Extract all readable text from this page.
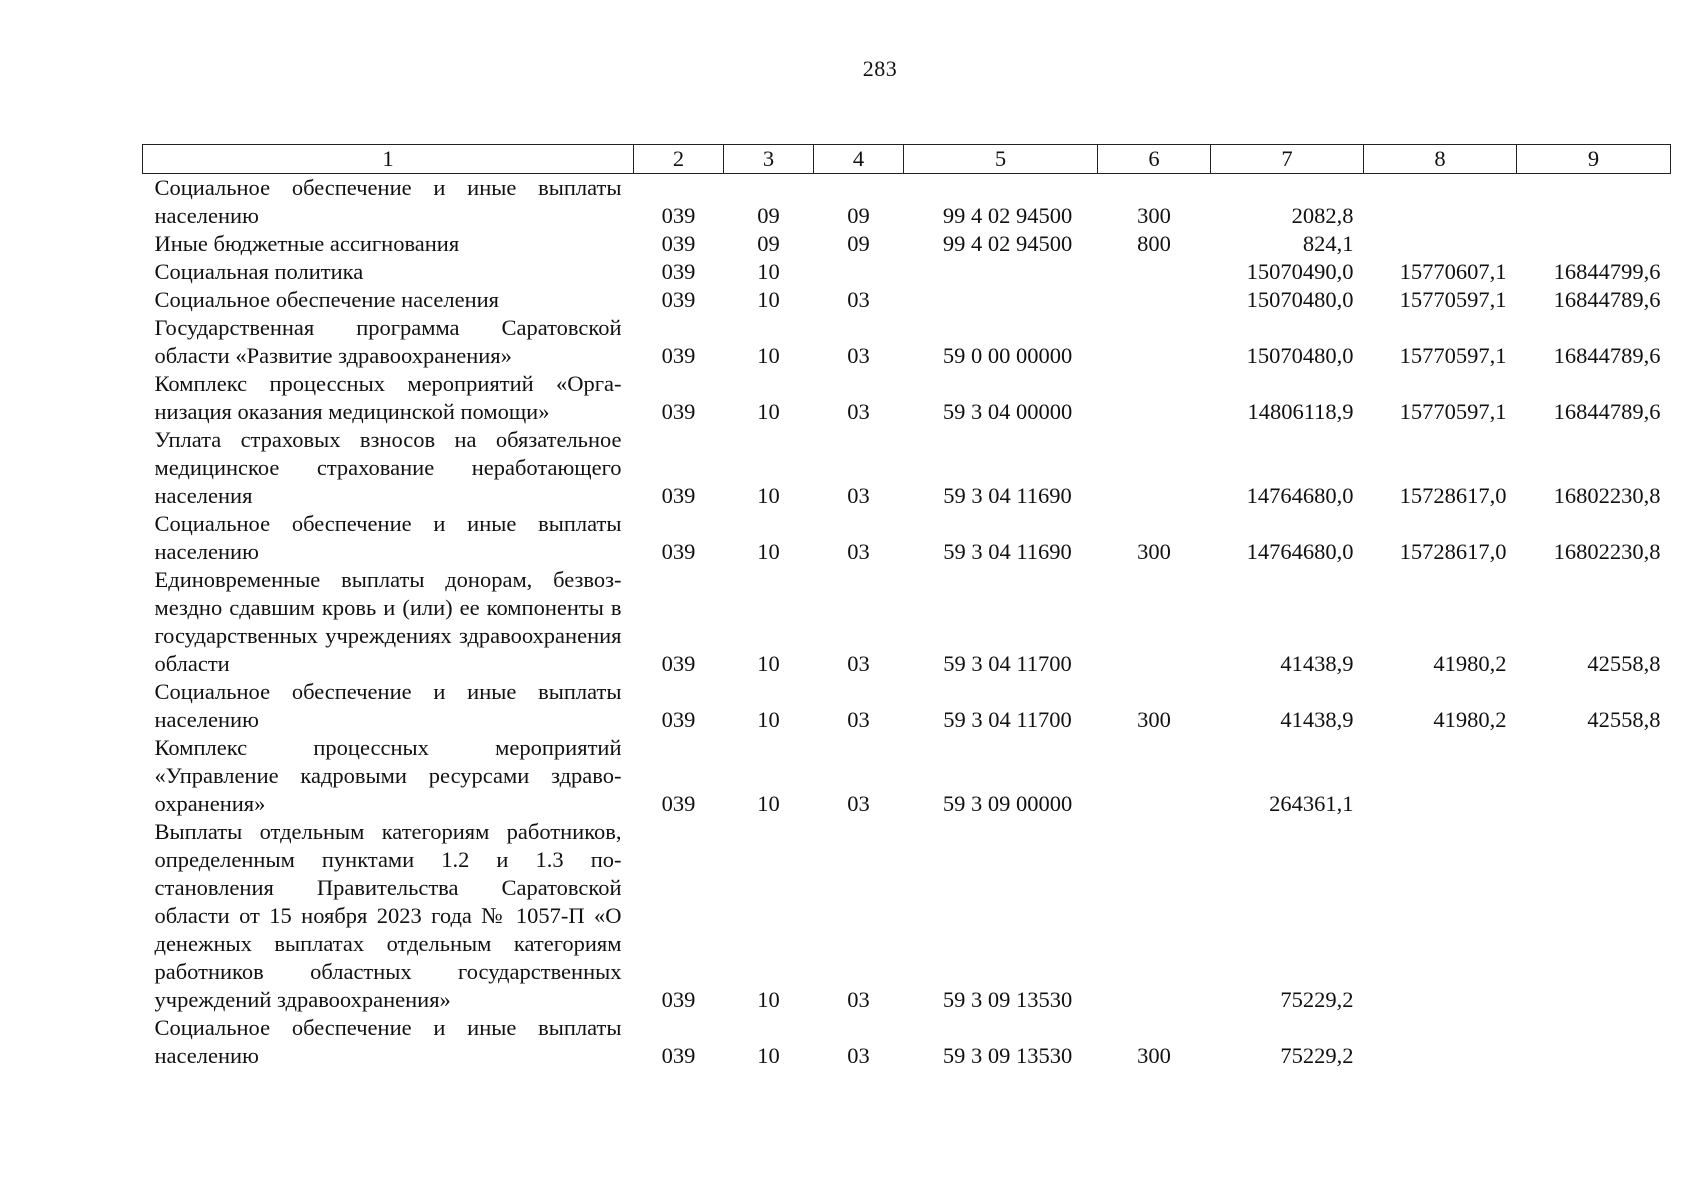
283
1	2	3	4	5	6	7	8	9
Социальное обеспечение и иные выплаты населению	039	09	09	99 4 02 94500	300	2082,8		
Иные бюджетные ассигнования	039	09	09	99 4 02 94500	800	824,1		
Социальная политика	039	10				15070490,0	15770607,1	16844799,6
Социальное обеспечение населения	039	10	03			15070480,0	15770597,1	16844789,6
Государственная программа Саратовской области «Развитие здравоохранения»	039	10	03	59 0 00 00000		15070480,0	15770597,1	16844789,6
Комплекс процессных мероприятий «Организация оказания медицинской помощи»	039	10	03	59 3 04 00000		14806118,9	15770597,1	16844789,6
Уплата страховых взносов на обязательное медицинское страхование неработающего населения	039	10	03	59 3 04 11690		14764680,0	15728617,0	16802230,8
Социальное обеспечение и иные выплаты населению	039	10	03	59 3 04 11690	300	14764680,0	15728617,0	16802230,8
Единовременные выплаты донорам, безвозмездно сдавшим кровь и (или) ее компоненты в государственных учреждениях здравоохранения области	039	10	03	59 3 04 11700		41438,9	41980,2	42558,8
Социальное обеспечение и иные выплаты населению	039	10	03	59 3 04 11700	300	41438,9	41980,2	42558,8
Комплекс процессных мероприятий «Управление кадровыми ресурсами здравоохранения»	039	10	03	59 3 09 00000		264361,1		
Выплаты отдельным категориям работников, определенным пунктами 1.2 и 1.3 постановления Правительства Саратовской области от 15 ноября 2023 года № 1057-П «О денежных выплатах отдельным категориям работников областных государственных учреждений здравоохранения»	039	10	03	59 3 09 13530		75229,2		
Социальное обеспечение и иные выплаты населению	039	10	03	59 3 09 13530	300	75229,2		
